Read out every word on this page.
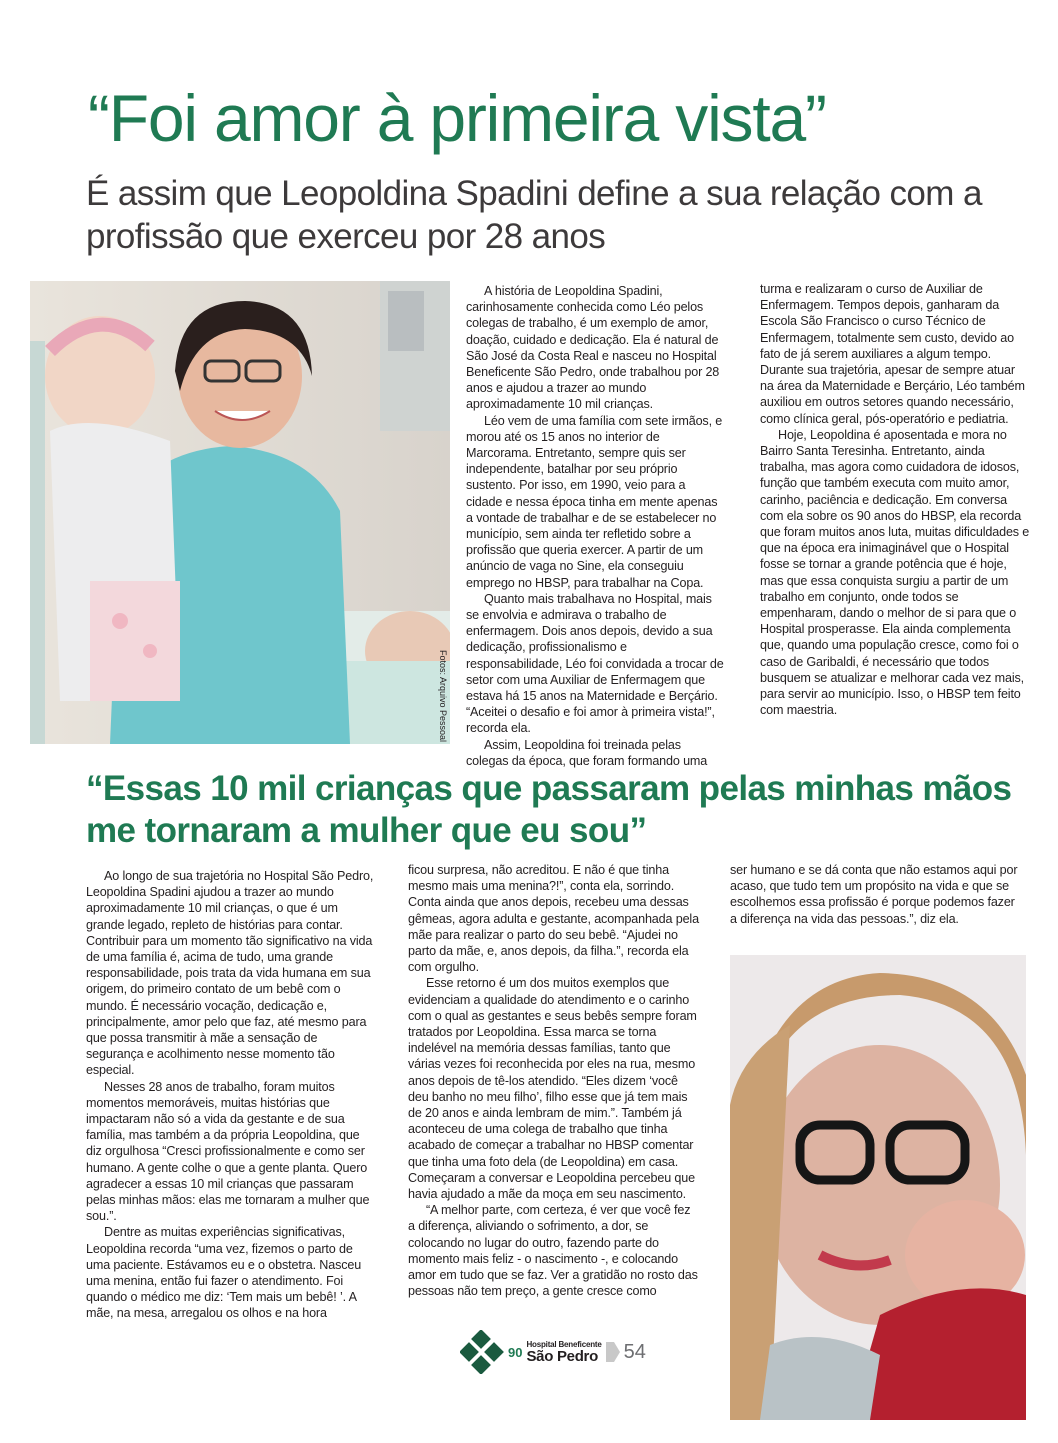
“Foi amor à primeira vista”
É assim que Leopoldina Spadini define a sua relação com a profissão que exerceu por 28 anos
Fotos: Arquivo Pessoal

A história de Leopoldina Spadini, carinhosamente conhecida como Léo pelos colegas de trabalho, é um exemplo de amor, doação, cuidado e dedicação. Ela é natural de São José da Costa Real e nasceu no Hospital Beneficente São Pedro, onde trabalhou por 28 anos e ajudou a trazer ao mundo aproximadamente 10 mil crianças.

Léo vem de uma família com sete irmãos, e morou até os 15 anos no interior de Marcorama. Entretanto, sempre quis ser independente, batalhar por seu próprio sustento. Por isso, em 1990, veio para a cidade e nessa época tinha em mente apenas a vontade de trabalhar e de se estabelecer no município, sem ainda ter refletido sobre a profissão que queria exercer. A partir de um anúncio de vaga no Sine, ela conseguiu emprego no HBSP, para trabalhar na Copa.

Quanto mais trabalhava no Hospital, mais se envolvia e admirava o trabalho de enfermagem. Dois anos depois, devido a sua dedicação, profissionalismo e responsabilidade, Léo foi convidada a trocar de setor com uma Auxiliar de Enfermagem que estava há 15 anos na Maternidade e Berçário. “Aceitei o desafio e foi amor à primeira vista!”, recorda ela.

Assim, Leopoldina foi treinada pelas colegas da época, que foram formando uma

turma e realizaram o curso de Auxiliar de Enfermagem. Tempos depois, ganharam da Escola São Francisco o curso Técnico de Enfermagem, totalmente sem custo, devido ao fato de já serem auxiliares a algum tempo. Durante sua trajetória, apesar de sempre atuar na área da Maternidade e Berçário, Léo também auxiliou em outros setores quando necessário, como clínica geral, pós-operatório e pediatria.

Hoje, Leopoldina é aposentada e mora no Bairro Santa Teresinha. Entretanto, ainda trabalha, mas agora como cuidadora de idosos, função que também executa com muito amor, carinho, paciência e dedicação. Em conversa com ela sobre os 90 anos do HBSP, ela recorda que foram muitos anos luta, muitas dificuldades e que na época era inimaginável que o Hospital fosse se tornar a grande potência que é hoje, mas que essa conquista surgiu a partir de um trabalho em conjunto, onde todos se empenharam, dando o melhor de si para que o Hospital prosperasse. Ela ainda complementa que, quando uma população cresce, como foi o caso de Garibaldi, é necessário que todos busquem se atualizar e melhorar cada vez mais, para servir ao município. Isso, o HBSP tem feito com maestria.

“Essas 10 mil crianças que passaram pelas minhas mãos me tornaram a mulher que eu sou”

Ao longo de sua trajetória no Hospital São Pedro, Leopoldina Spadini ajudou a trazer ao mundo aproximadamente 10 mil crianças, o que é um grande legado, repleto de histórias para contar. Contribuir para um momento tão significativo na vida de uma família é, acima de tudo, uma grande responsabilidade, pois trata da vida humana em sua origem, do primeiro contato de um bebê com o mundo. É necessário vocação, dedicação e, principalmente, amor pelo que faz, até mesmo para que possa transmitir à mãe a sensação de segurança e acolhimento nesse momento tão especial.

Nesses 28 anos de trabalho, foram muitos momentos memoráveis, muitas histórias que impactaram não só a vida da gestante e de sua família, mas também a da própria Leopoldina, que diz orgulhosa “Cresci profissionalmente e como ser humano. A gente colhe o que a gente planta. Quero agradecer a essas 10 mil crianças que passaram pelas minhas mãos: elas me tornaram a mulher que sou.”.

Dentre as muitas experiências significativas, Leopoldina recorda “uma vez, fizemos o parto de uma paciente. Estávamos eu e o obstetra. Nasceu uma menina, então fui fazer o atendimento. Foi quando o médico me diz: ‘Tem mais um bebê! ’. A mãe, na mesa, arregalou os olhos e na hora

ficou surpresa, não acreditou. E não é que tinha mesmo mais uma menina?!”, conta ela, sorrindo. Conta ainda que anos depois, recebeu uma dessas gêmeas, agora adulta e gestante, acompanhada pela mãe para realizar o parto do seu bebê. “Ajudei no parto da mãe, e, anos depois, da filha.”, recorda ela com orgulho.

Esse retorno é um dos muitos exemplos que evidenciam a qualidade do atendimento e o carinho com o qual as gestantes e seus bebês sempre foram tratados por Leopoldina. Essa marca se torna indelével na memória dessas famílias, tanto que várias vezes foi reconhecida por eles na rua, mesmo anos depois de tê-los atendido. “Eles dizem ‘você deu banho no meu filho’, filho esse que já tem mais de 20 anos e ainda lembram de mim.”. Também já aconteceu de uma colega de trabalho que tinha acabado de começar a trabalhar no HBSP comentar que tinha uma foto dela (de Leopoldina) em casa. Começaram a conversar e Leopoldina percebeu que havia ajudado a mãe da moça em seu nascimento.

“A melhor parte, com certeza, é ver que você fez a diferença, aliviando o sofrimento, a dor, se colocando no lugar do outro, fazendo parte do momento mais feliz - o nascimento -, e colocando amor em tudo que se faz. Ver a gratidão no rosto das pessoas não tem preço, a gente cresce como

ser humano e se dá conta que não estamos aqui por acaso, que tudo tem um propósito na vida e que se escolhemos essa profissão é porque podemos fazer a diferença na vida das pessoas.”, diz ela.

90
Hospital Beneficente
São Pedro 54
